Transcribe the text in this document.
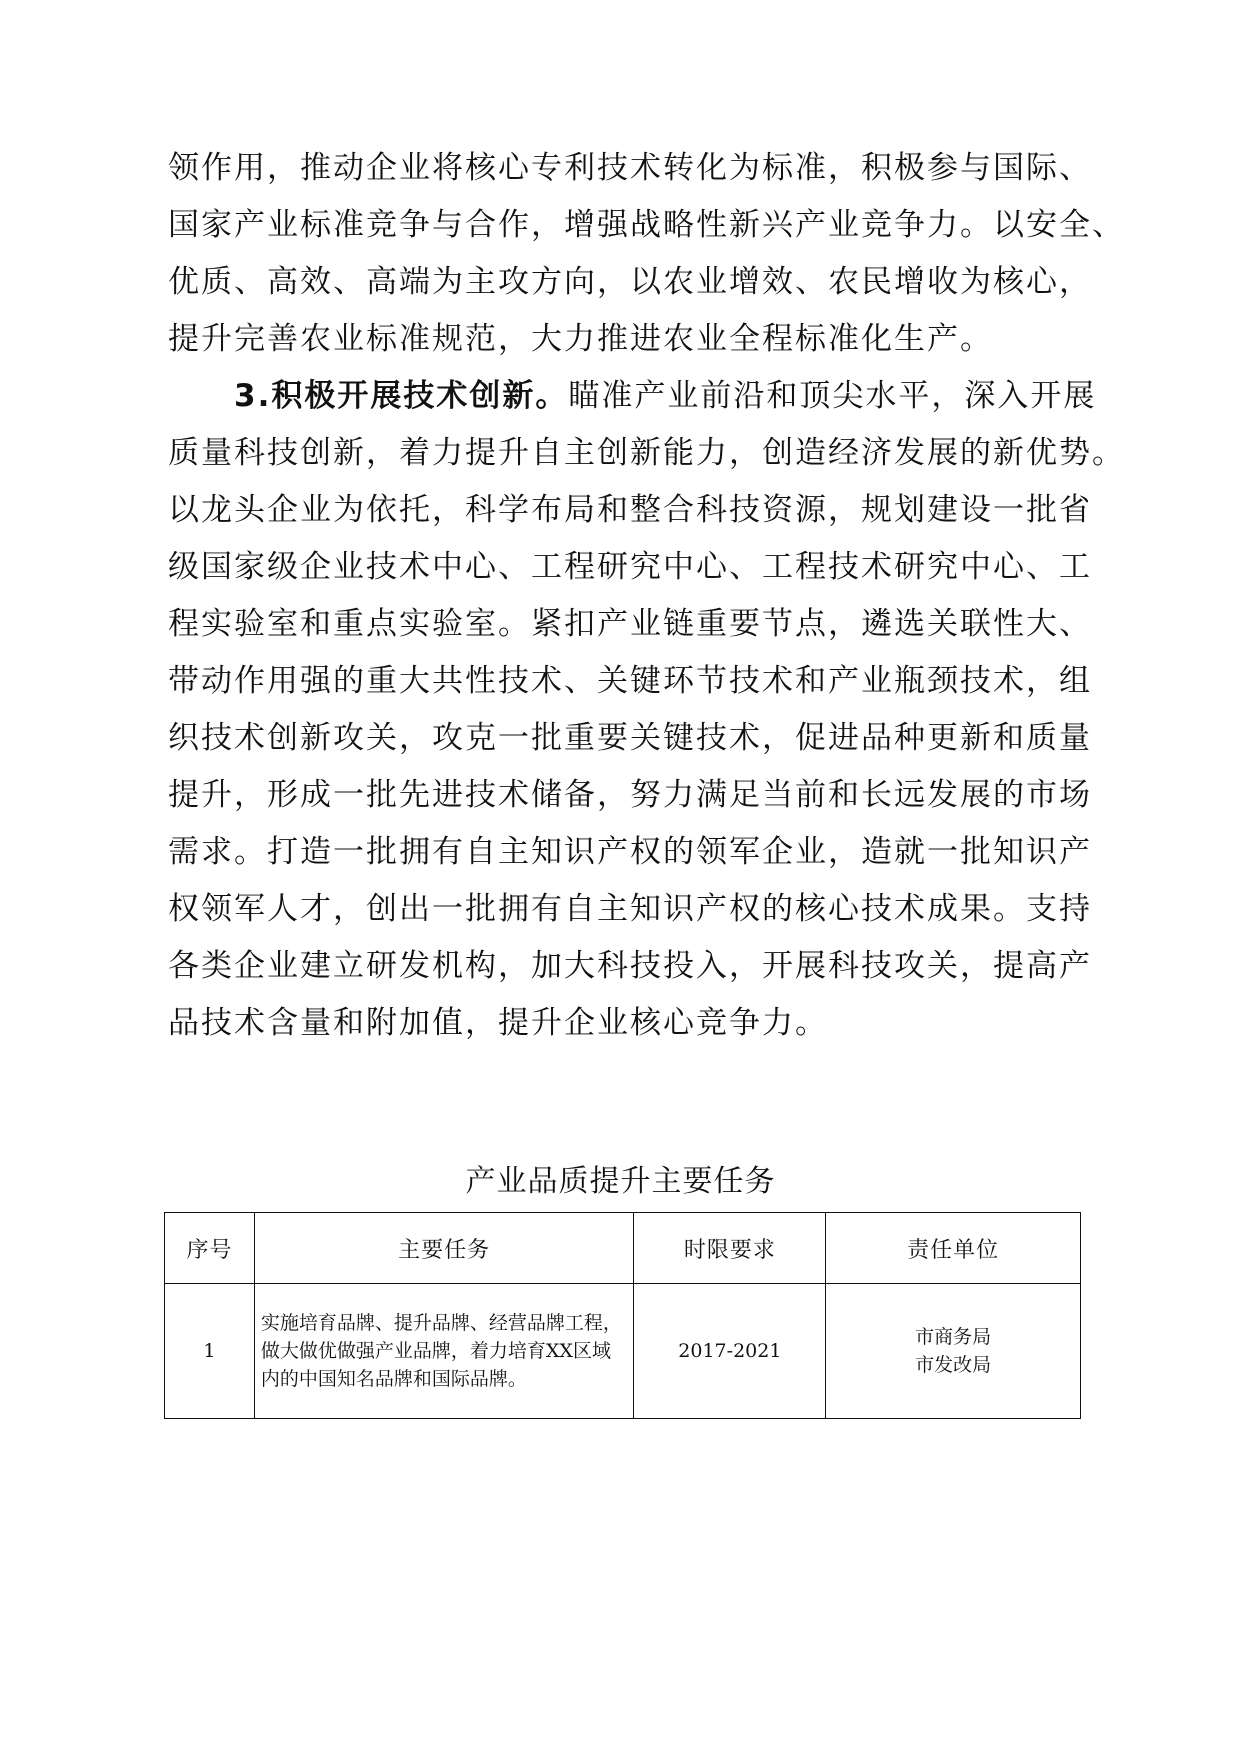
领作用，推动企业将核心专利技术转化为标准，积极参与国际、
国家产业标准竞争与合作，增强战略性新兴产业竞争力。以安全、
优质、高效、高端为主攻方向，以农业增效、农民增收为核心，
提升完善农业标准规范，大力推进农业全程标准化生产。
3.积极开展技术创新。瞄准产业前沿和顶尖水平，深入开展
质量科技创新，着力提升自主创新能力，创造经济发展的新优势。
以龙头企业为依托，科学布局和整合科技资源，规划建设一批省
级国家级企业技术中心、工程研究中心、工程技术研究中心、工
程实验室和重点实验室。紧扣产业链重要节点，遴选关联性大、
带动作用强的重大共性技术、关键环节技术和产业瓶颈技术，组
织技术创新攻关，攻克一批重要关键技术，促进品种更新和质量
提升，形成一批先进技术储备，努力满足当前和长远发展的市场
需求。打造一批拥有自主知识产权的领军企业，造就一批知识产
权领军人才，创出一批拥有自主知识产权的核心技术成果。支持
各类企业建立研发机构，加大科技投入，开展科技攻关，提高产
品技术含量和附加值，提升企业核心竞争力。
产业品质提升主要任务
序号	主要任务	时限要求	责任单位
1	实施培育品牌、提升品牌、经营品牌工程，做大做优做强产业品牌，着力培育XX区域内的中国知名品牌和国际品牌。	2017-2021	市商务局
市发改局
